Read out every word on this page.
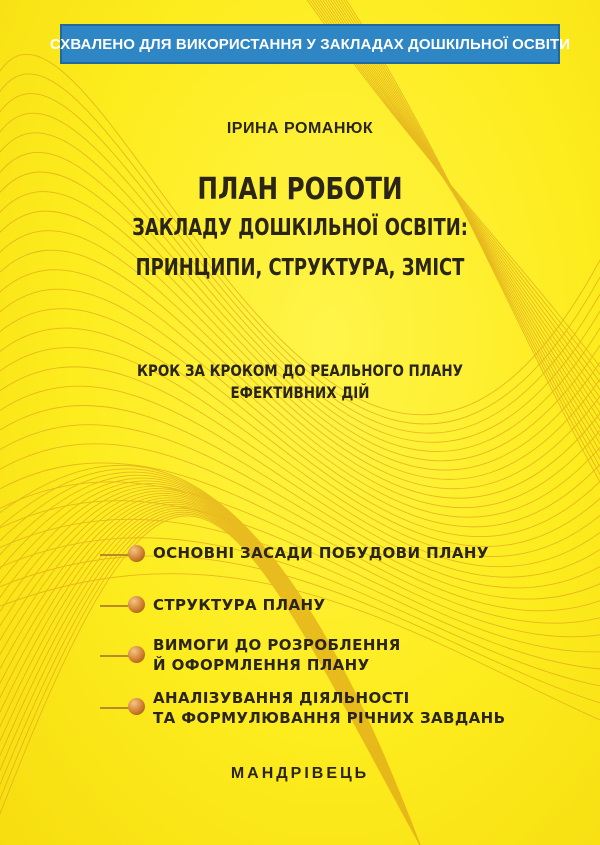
СХВАЛЕНО ДЛЯ ВИКОРИСТАННЯ У ЗАКЛАДАХ ДОШКІЛЬНОЇ ОСВІТИ
ІРИНА РОМАНЮК
ПЛАН РОБОТИ
ЗАКЛАДУ ДОШКІЛЬНОЇ ОСВІТИ:
ПРИНЦИПИ, СТРУКТУРА, ЗМІСТ
КРОК ЗА КРОКОМ ДО РЕАЛЬНОГО ПЛАНУ
ЕФЕКТИВНИХ ДІЙ
ОСНОВНІ ЗАСАДИ ПОБУДОВИ ПЛАНУ
СТРУКТУРА ПЛАНУ
ВИМОГИ ДО РОЗРОБЛЕННЯ
Й ОФОРМЛЕННЯ ПЛАНУ
АНАЛІЗУВАННЯ ДІЯЛЬНОСТІ
ТА ФОРМУЛЮВАННЯ РІЧНИХ ЗАВДАНЬ
МАНДРІВЕЦЬ
